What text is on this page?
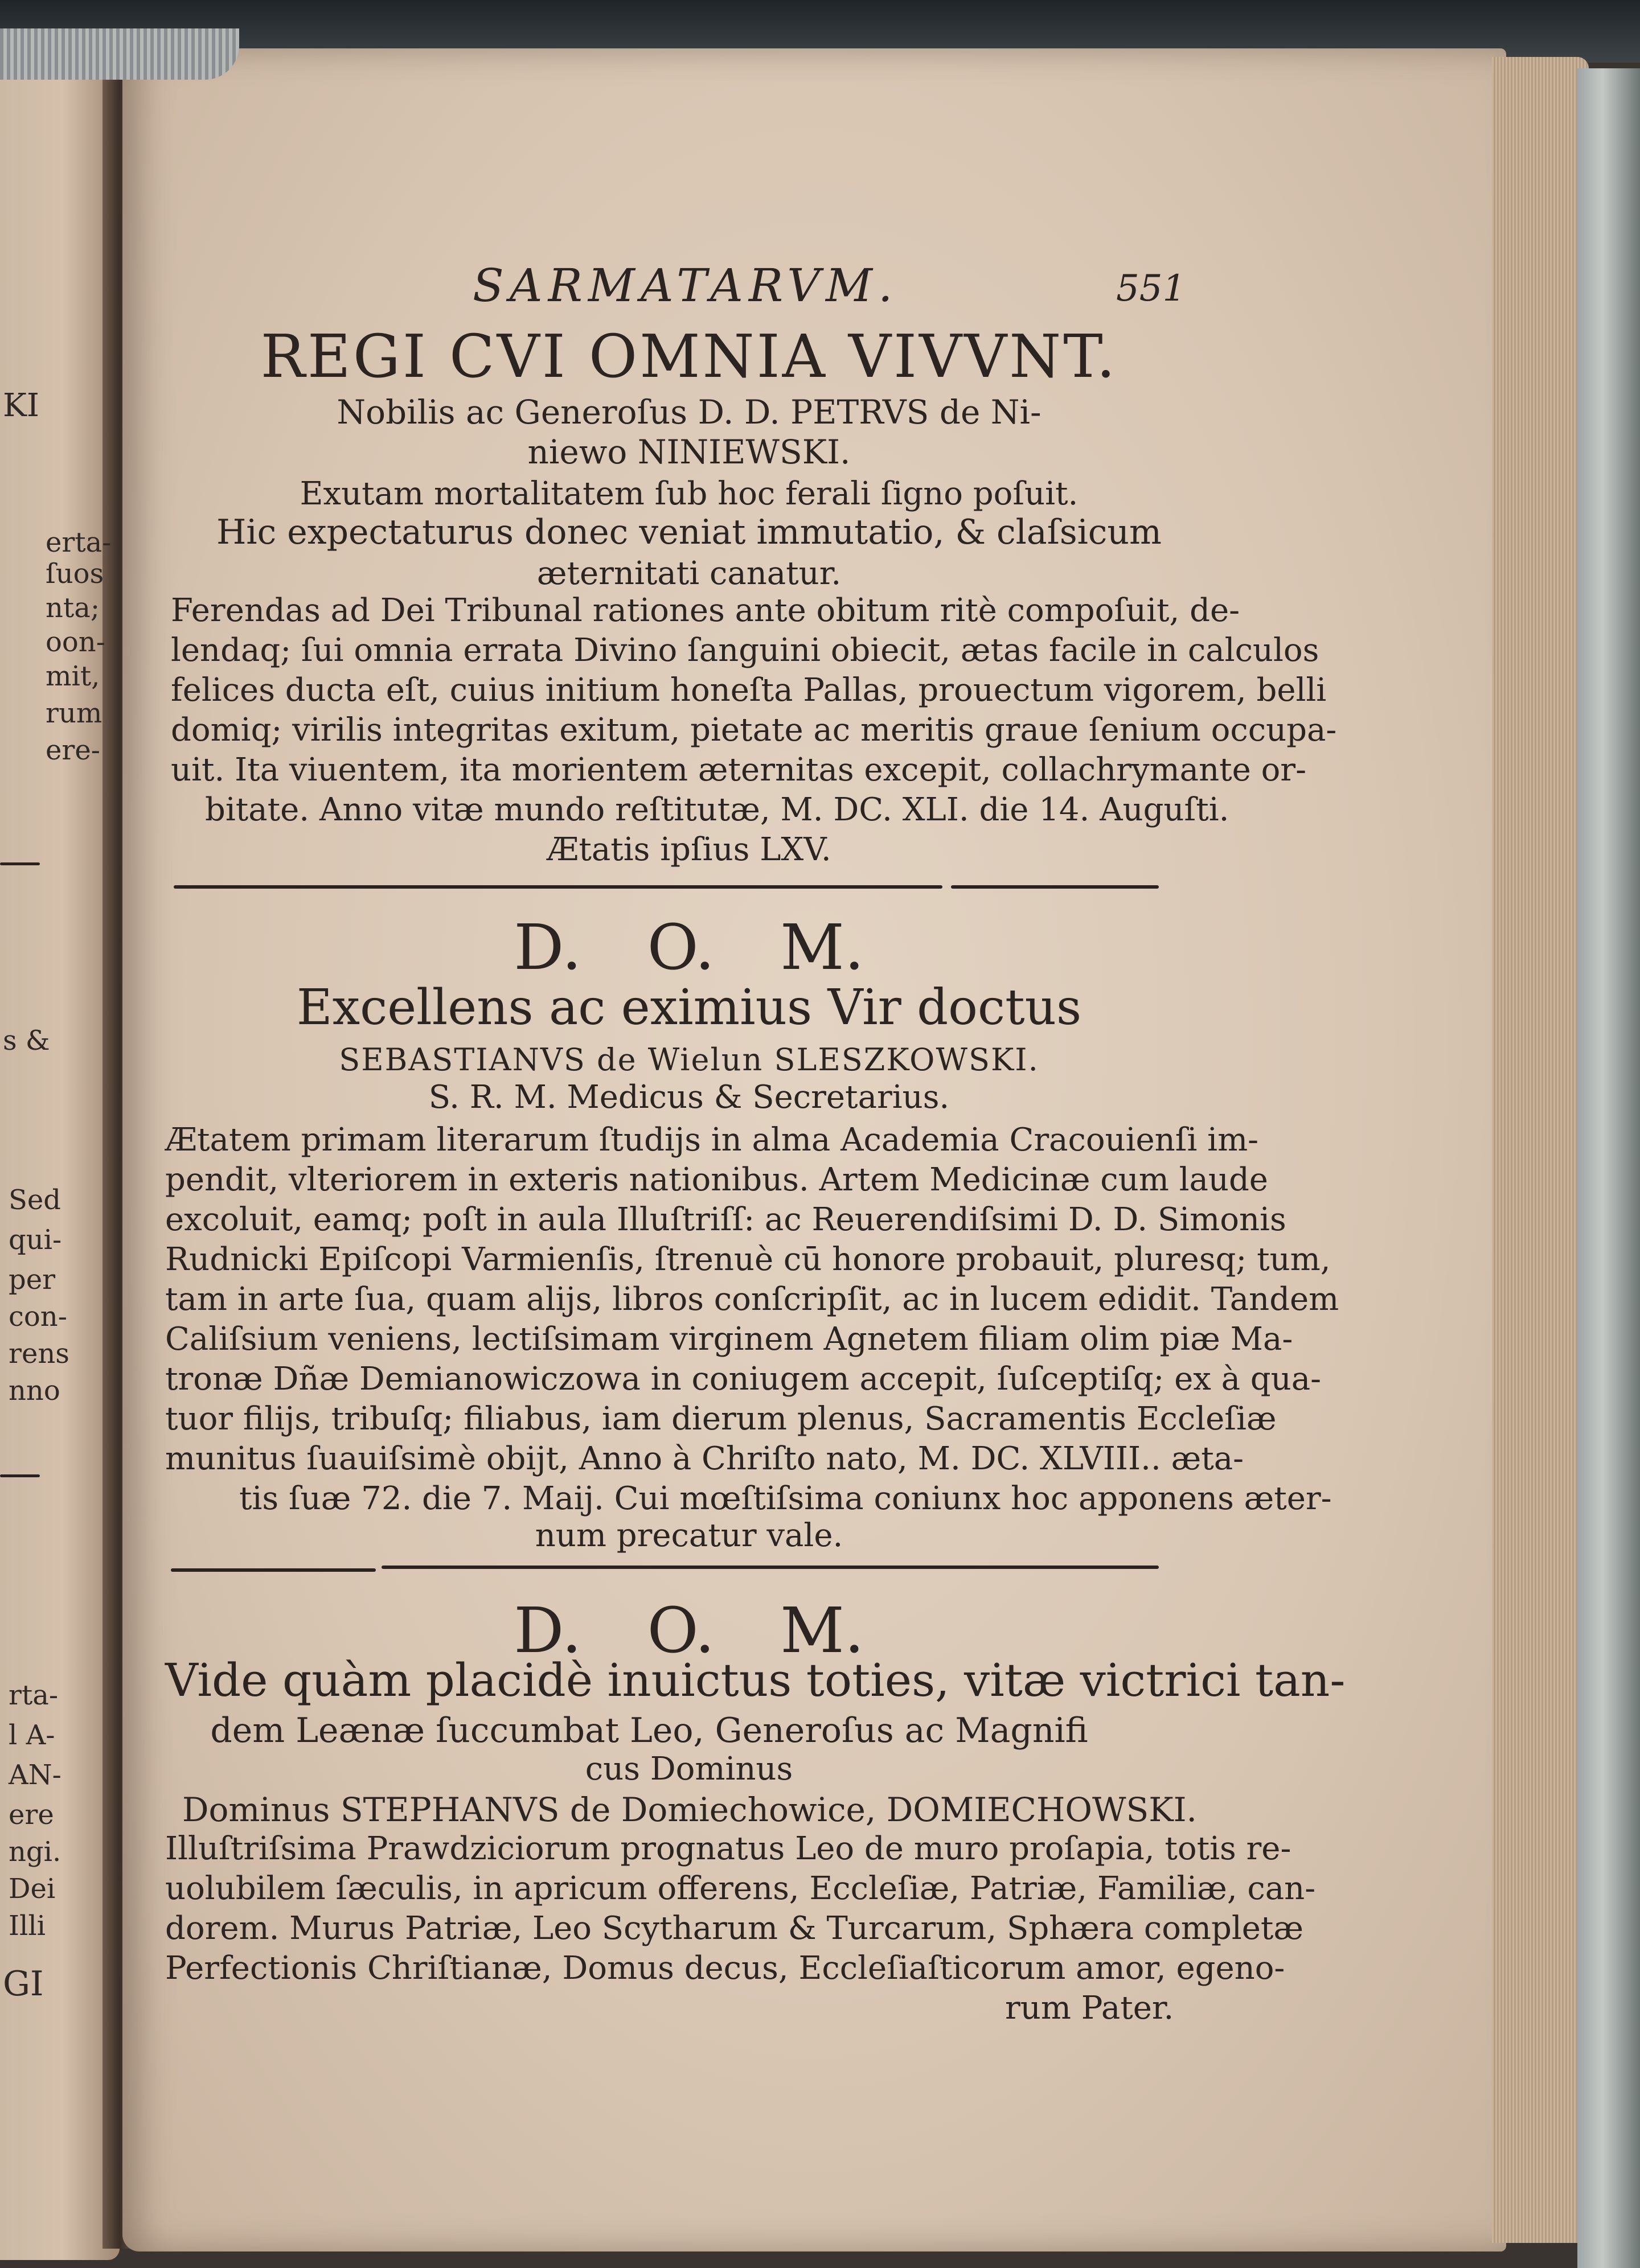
KI
erta-
ſuos
nta;
oon-
mit,
rum
ere-
s &
Sed
qui-
per
con-
rens
nno
rta-
l A-
AN-
ere
ngi.
Dei
Illi
GI
SARMATARVM.	551
REGI CVI OMNIA VIVVNT.
Nobilis ac Generoſus D. D. PETRVS de Ni-
niewo NINIEWSKI.
Exutam mortalitatem ſub hoc ferali ſigno poſuit.
Hic expectaturus donec veniat immutatio, & claſsicum
æternitati canatur.
Ferendas ad Dei Tribunal rationes ante obitum ritè compoſuit, de-
lendaq; ſui omnia errata Divino ſanguini obiecit, ætas facile in calculos
felices ducta eſt, cuius initium honeſta Pallas, prouectum vigorem, belli
domiq; virilis integritas exitum, pietate ac meritis graue ſenium occupa-
uit. Ita viuentem, ita morientem æternitas excepit, collachrymante or-
bitate. Anno vitæ mundo reſtitutæ, M. DC. XLI. die 14. Auguſti.
Ætatis ipſius LXV.
D. O. M.
Excellens ac eximius Vir doctus
SEBASTIANVS de Wielun SLESZKOWSKI.
S. R. M. Medicus & Secretarius.
Ætatem primam literarum ſtudijs in alma Academia Cracouienſi im-
pendit, vlteriorem in exteris nationibus. Artem Medicinæ cum laude
excoluit, eamq; poſt in aula Illuſtriſſ: ac Reuerendiſsimi D. D. Simonis
Rudnicki Epiſcopi Varmienſis, ſtrenuè cū honore probauit, pluresq; tum,
tam in arte ſua, quam alijs, libros conſcripſit, ac in lucem edidit. Tandem
Caliſsium veniens, lectiſsimam virginem Agnetem filiam olim piæ Ma-
tronæ Dñæ Demianowiczowa in coniugem accepit, ſuſceptiſq; ex à qua-
tuor filijs, tribuſq; filiabus, iam dierum plenus, Sacramentis Eccleſiæ
munitus ſuauiſsimè obijt, Anno à Chriſto nato, M. DC. XLVIII.. æta-
tis ſuæ 72. die 7. Maij. Cui mœſtiſsima coniunx hoc apponens æter-
num precatur vale.
D. O. M.
Vide quàm placidè inuictus toties, vitæ victrici tan-
dem Leænæ ſuccumbat Leo, Generoſus ac Magnifi
cus Dominus
Dominus STEPHANVS de Domiechowice, DOMIECHOWSKI.
Illuſtriſsima Prawdziciorum prognatus Leo de muro proſapia, totis re-
uolubilem ſæculis, in apricum offerens, Eccleſiæ, Patriæ, Familiæ, can-
dorem. Murus Patriæ, Leo Scytharum & Turcarum, Sphæra completæ
Perfectionis Chriſtianæ, Domus decus, Eccleſiaſticorum amor, egeno-
rum Pater.
